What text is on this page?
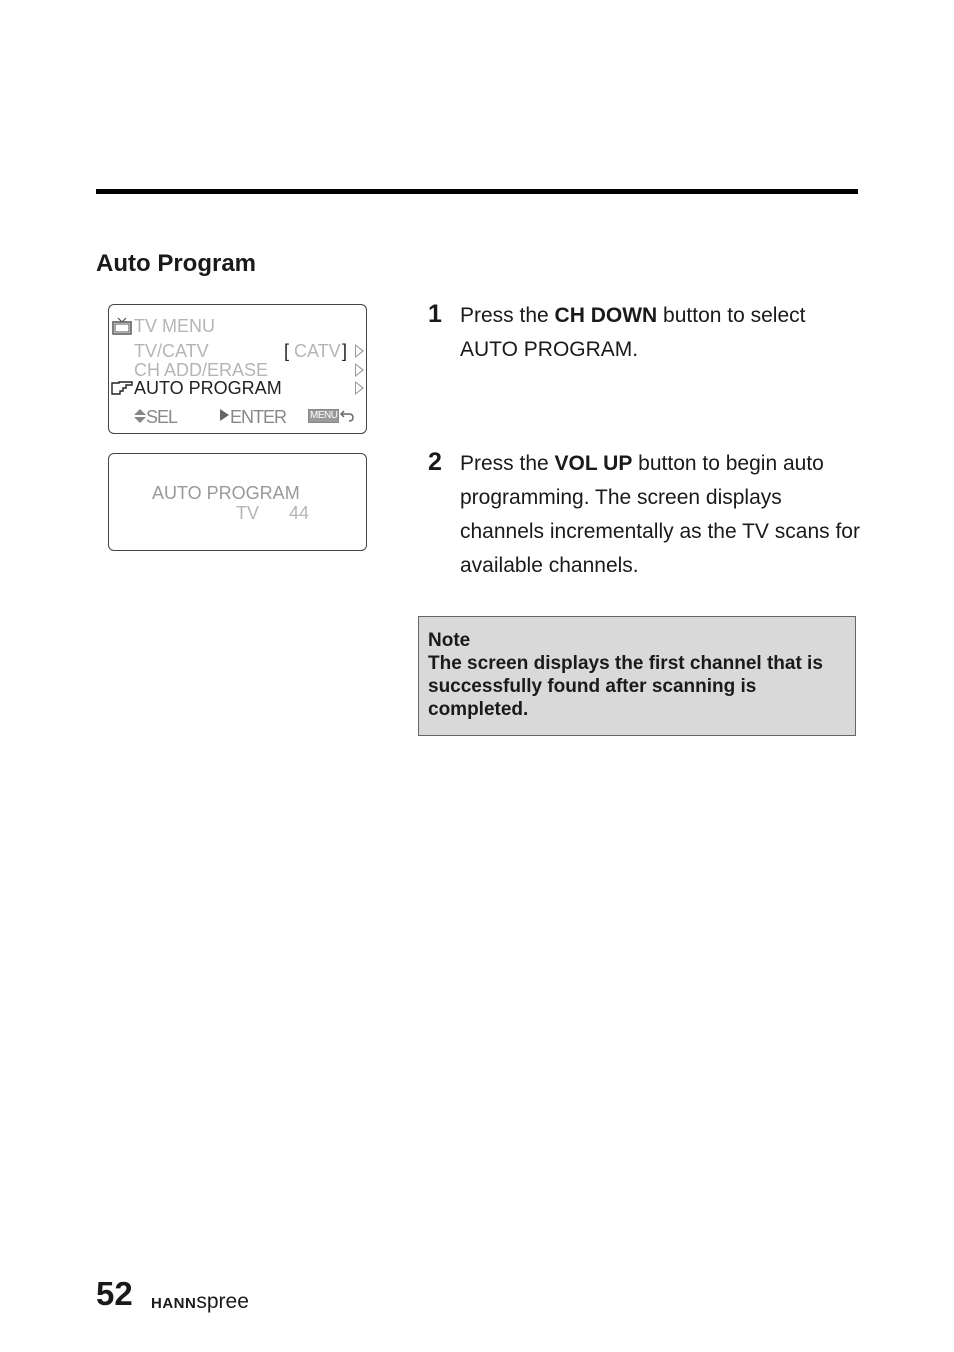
Auto Program
TV MENU
TV/CATV	[ CATV ]
CH ADD/ERASE
AUTO PROGRAM
SEL	ENTER MENU
AUTO PROGRAM
TV 44
1 Press the CH DOWN button to select AUTO PROGRAM.
2 Press the VOL UP button to begin auto programming. The screen displays channels incrementally as the TV scans for available channels.
Note
The screen displays the first channel that is successfully found after scanning is completed.
52 HANNspree
